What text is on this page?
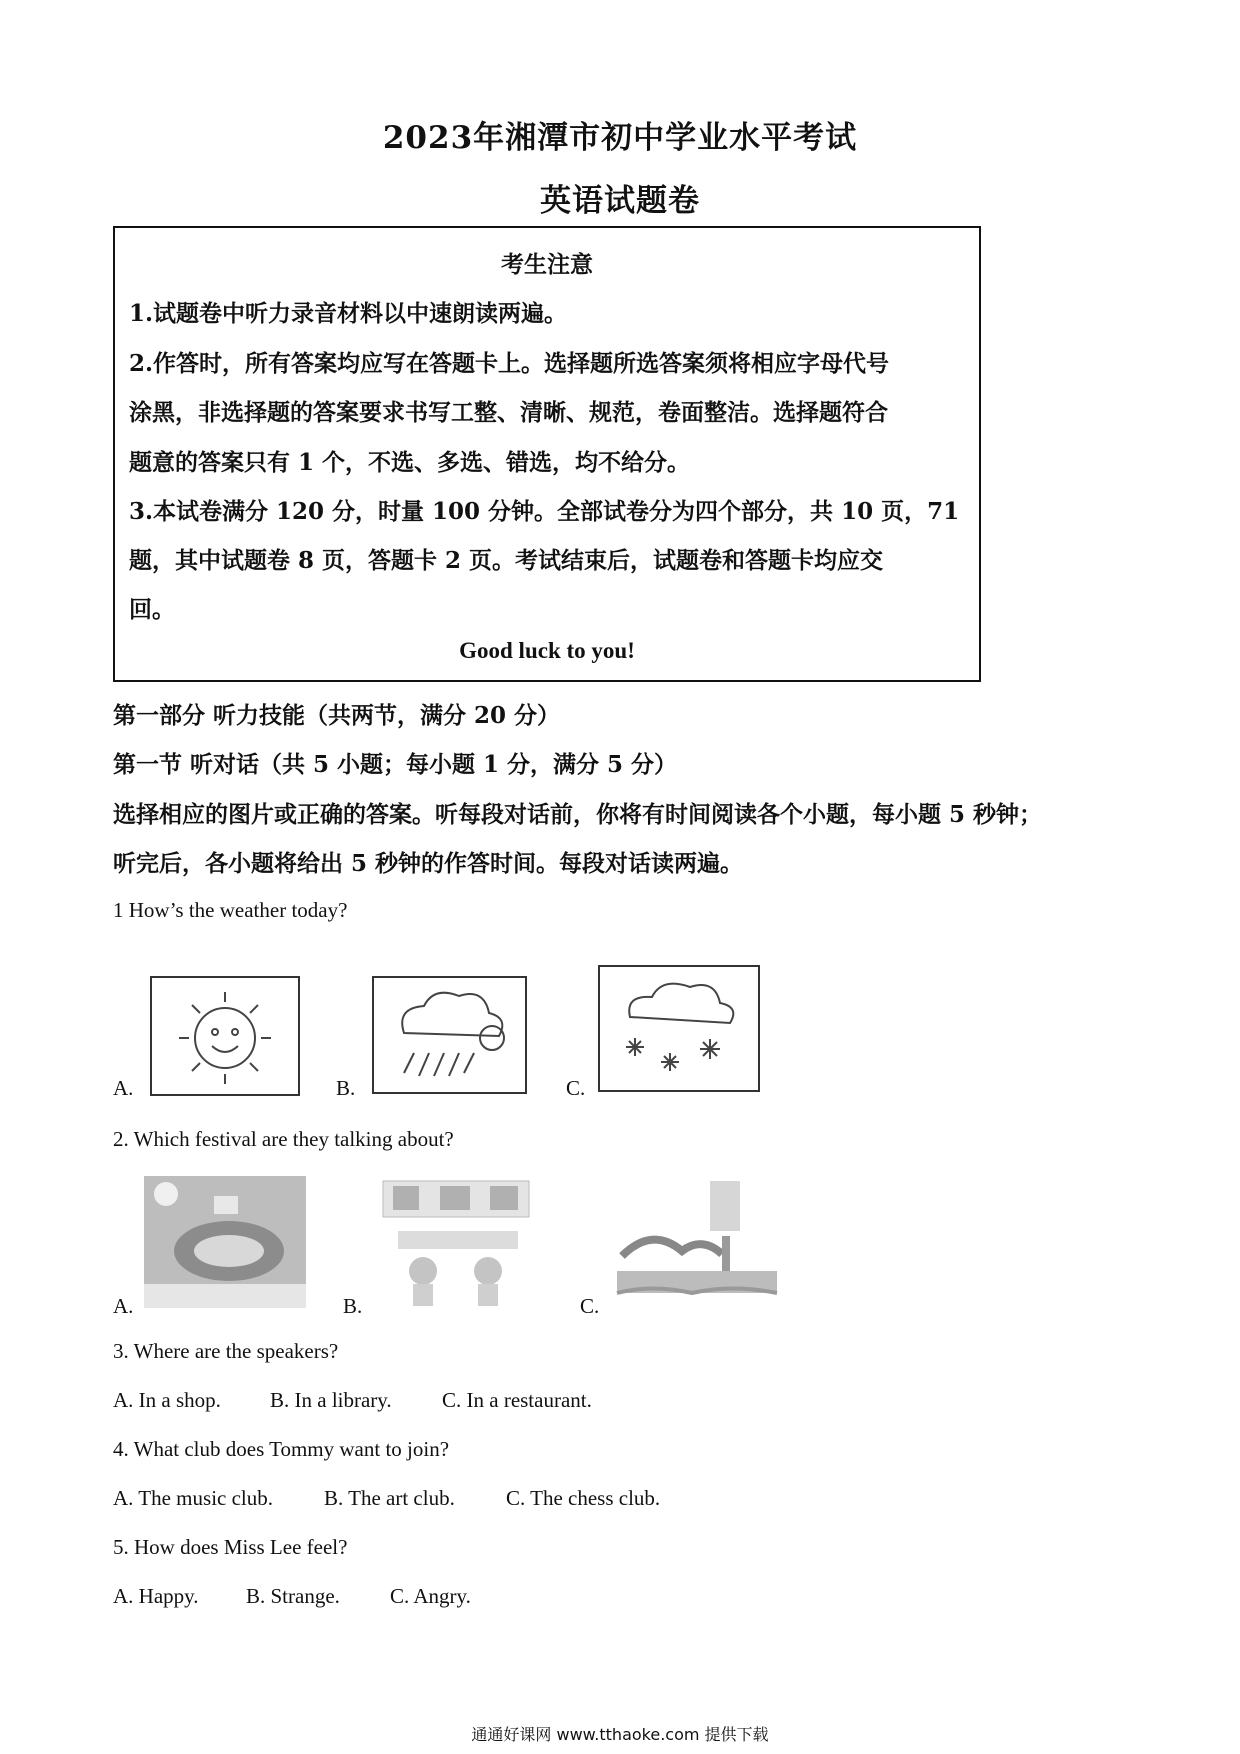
2023年湘潭市初中学业水平考试
英语试题卷
考生注意
1.试题卷中听力录音材料以中速朗读两遍。
2.作答时，所有答案均应写在答题卡上。选择题所选答案须将相应字母代号
涂黑，非选择题的答案要求书写工整、清晰、规范，卷面整洁。选择题符合
题意的答案只有 1 个，不选、多选、错选，均不给分。
3.本试卷满分 120 分，时量 100 分钟。全部试卷分为四个部分，共 10 页，71
题，其中试题卷 8 页，答题卡 2 页。考试结束后，试题卷和答题卡均应交
回。
Good luck to you!
第一部分 听力技能（共两节，满分 20 分）
第一节 听对话（共 5 小题；每小题 1 分，满分 5 分）
选择相应的图片或正确的答案。听每段对话前，你将有时间阅读各个小题，每小题 5 秒钟；
听完后，各小题将给出 5 秒钟的作答时间。每段对话读两遍。
1 How’s the weather today?
A.	B.	C.
2. Which festival are they talking about?
A.	B.	C.
3. Where are the speakers?
A. In a shop. B. In a library. C. In a restaurant.
4. What club does Tommy want to join?
A. The music club. B. The art club. C. The chess club.
5. How does Miss Lee feel?
A. Happy. B. Strange. C. Angry.
通通好课网 www.tthaoke.com 提供下载
